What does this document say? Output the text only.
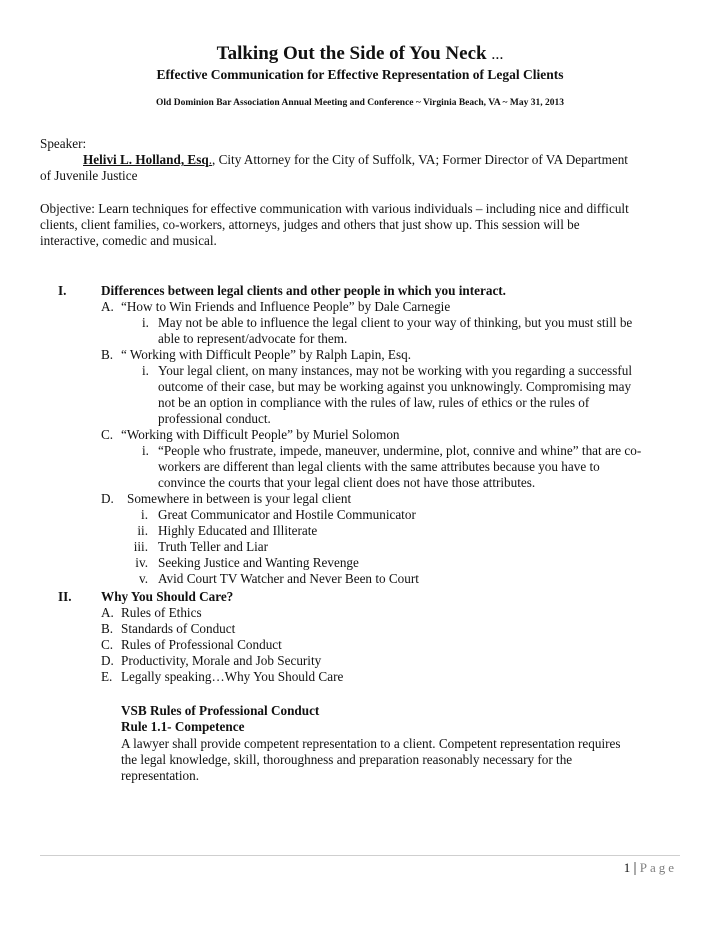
Talking Out the Side of You Neck …
Effective Communication for Effective Representation of Legal Clients
Old Dominion Bar Association Annual Meeting and Conference ~ Virginia Beach, VA ~ May 31, 2013
Speaker:
Helivi L. Holland, Esq., City Attorney for the City of Suffolk, VA; Former Director of VA Department
of Juvenile Justice
Objective: Learn techniques for effective communication with various individuals – including nice and difficult
clients, client families, co-workers, attorneys, judges and others that just show up. This session will be
interactive, comedic and musical.
I.	Differences between legal clients and other people in which you interact.
A. “How to Win Friends and Influence People” by Dale Carnegie
i. May not be able to influence the legal client to your way of thinking, but you must still be
able to represent/advocate for them.
B. “ Working with Difficult People” by Ralph Lapin, Esq.
i. Your legal client, on many instances, may not be working with you regarding a successful
outcome of their case, but may be working against you unknowingly. Compromising may
not be an option in compliance with the rules of law, rules of ethics or the rules of
professional conduct.
C. “Working with Difficult People” by Muriel Solomon
i. “People who frustrate, impede, maneuver, undermine, plot, connive and whine” that are co-
workers are different than legal clients with the same attributes because you have to
convince the courts that your legal client does not have those attributes.
D. Somewhere in between is your legal client
i. Great Communicator and Hostile Communicator
ii. Highly Educated and Illiterate
iii. Truth Teller and Liar
iv. Seeking Justice and Wanting Revenge
v. Avid Court TV Watcher and Never Been to Court
II. Why You Should Care?
A. Rules of Ethics
B. Standards of Conduct
C. Rules of Professional Conduct
D. Productivity, Morale and Job Security
E. Legally speaking…Why You Should Care
VSB Rules of Professional Conduct
Rule 1.1- Competence
A lawyer shall provide competent representation to a client. Competent representation requires
the legal knowledge, skill, thoroughness and preparation reasonably necessary for the
representation.
1 | Page
